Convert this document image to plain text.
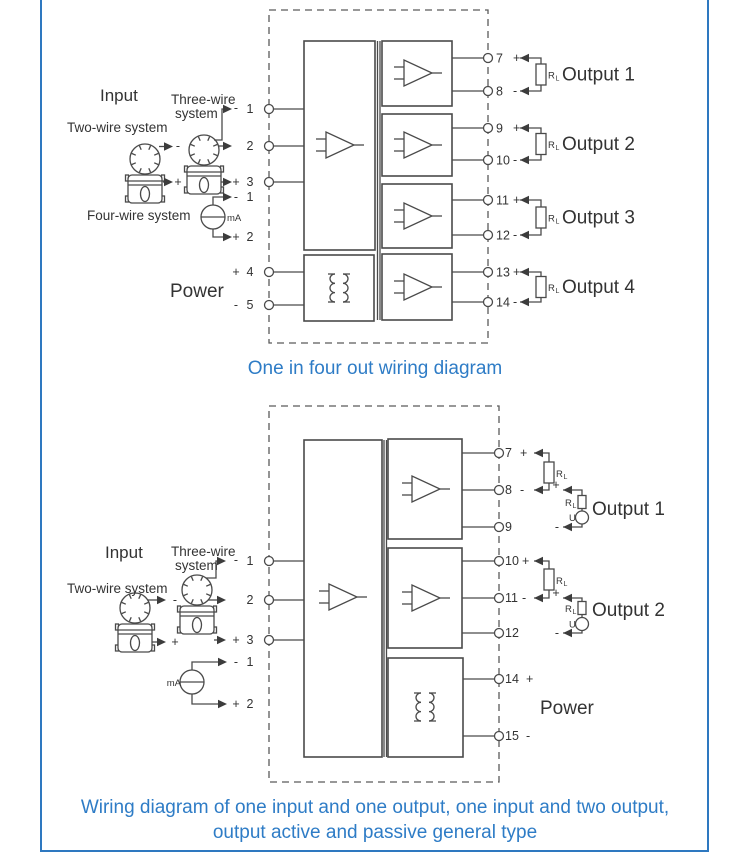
Input Three-wire
system
Two-wire system
Four-wire system
Power
mA
1
2
3
4
5
1
2
-
+
+
-
-
+
-
+
7
8
9
10
11
12
13
14
+
-
+
-
+
-
+
-
R L
R L
R L
R L
Output 1
Output 2
Output 3
Output 4
One in four out wiring diagram
Input Three-wire
system
Two-wire system
Power
mA
1
2
3
-
+
-
+
- 1
+ 2
7 +
8 -
9
10 +
11 -
12
14 +
15 -
R L
R L
R L
R L
+
-
+
-
U
U
Output 1
Output 2
Wiring diagram of one input and one output, one input and two output,
output active and passive general type
